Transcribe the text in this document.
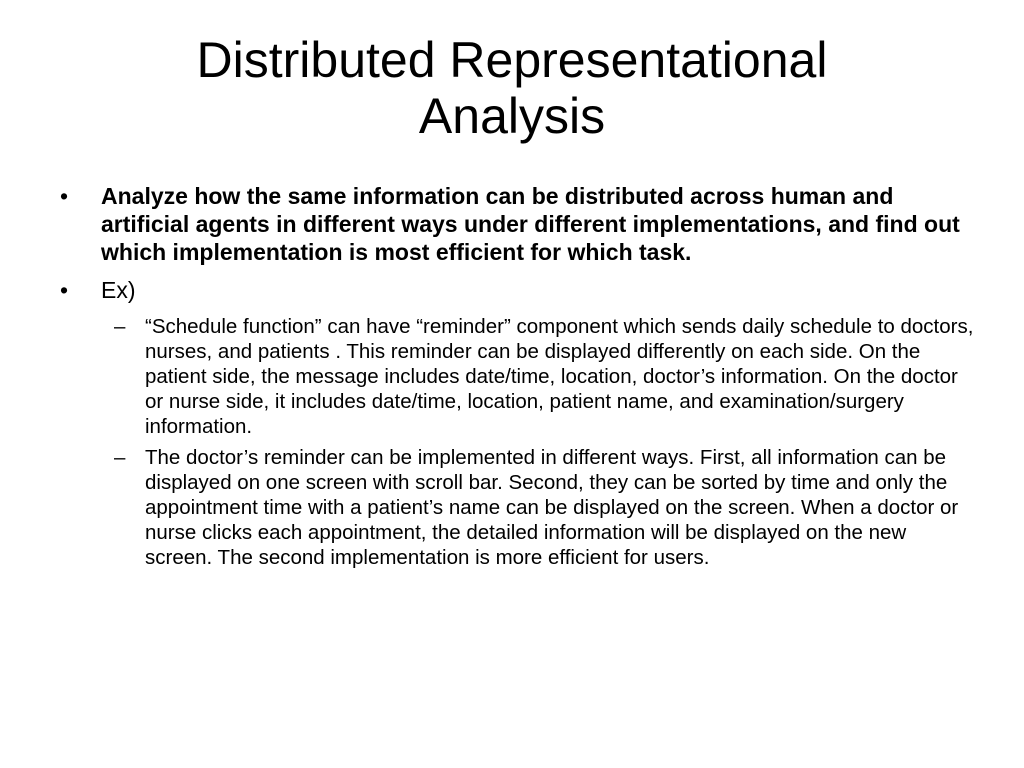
Distributed Representational
Analysis
• Analyze how the same information can be distributed across human and artificial agents in different ways under different implementations, and find out which implementation is most efficient for which task.
• Ex)
– “Schedule function” can have “reminder” component which sends daily schedule to doctors, nurses, and patients . This reminder can be displayed differently on each side. On the patient side, the message includes date/time, location, doctor’s information. On the doctor or nurse side, it includes date/time, location, patient name, and examination/surgery information.
– The doctor’s reminder can be implemented in different ways. First, all information can be displayed on one screen with scroll bar. Second, they can be sorted by time and only the appointment time with a patient’s name can be displayed on the screen. When a doctor or nurse clicks each appointment, the detailed information will be displayed on the new screen. The second implementation is more efficient for users.
